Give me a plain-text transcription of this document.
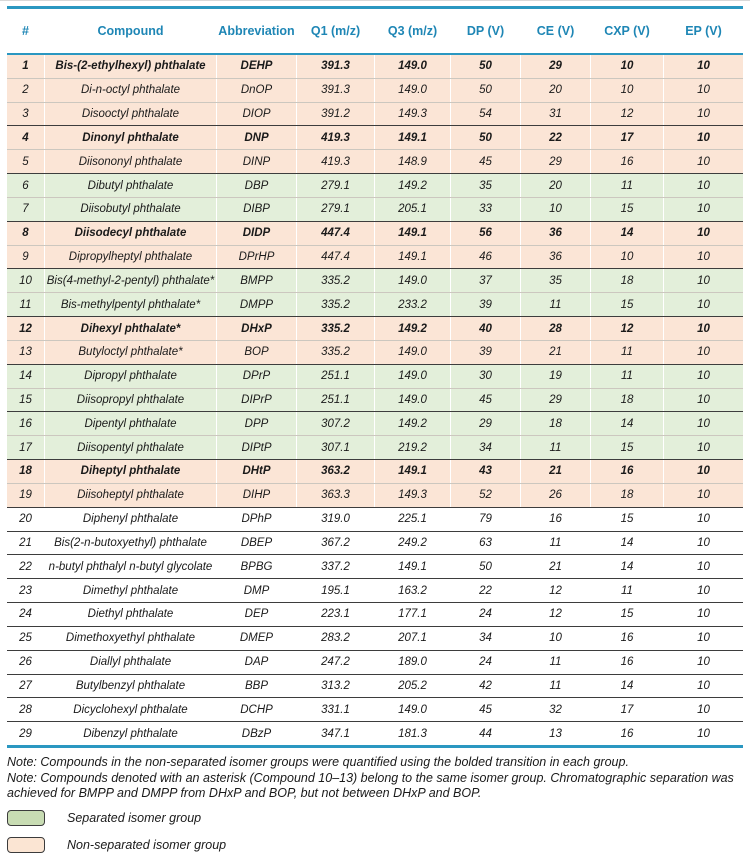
#	Compound	Abbreviation	Q1 (m/z)	Q3 (m/z)	DP (V)	CE (V)	CXP (V)	EP (V)
1	Bis-(2-ethylhexyl) phthalate	DEHP	391.3	149.0	50	29	10	10
2	Di-n-octyl phthalate	DnOP	391.3	149.0	50	20	10	10
3	Disooctyl phthalate	DIOP	391.2	149.3	54	31	12	10
4	Dinonyl phthalate	DNP	419.3	149.1	50	22	17	10
5	Diisononyl phthalate	DINP	419.3	148.9	45	29	16	10
6	Dibutyl phthalate	DBP	279.1	149.2	35	20	11	10
7	Diisobutyl phthalate	DIBP	279.1	205.1	33	10	15	10
8	Diisodecyl phthalate	DIDP	447.4	149.1	56	36	14	10
9	Dipropylheptyl phthalate	DPrHP	447.4	149.1	46	36	10	10
10	Bis(4-methyl-2-pentyl) phthalate*	BMPP	335.2	149.0	37	35	18	10
11	Bis-methylpentyl phthalate*	DMPP	335.2	233.2	39	11	15	10
12	Dihexyl phthalate*	DHxP	335.2	149.2	40	28	12	10
13	Butyloctyl phthalate*	BOP	335.2	149.0	39	21	11	10
14	Dipropyl phthalate	DPrP	251.1	149.0	30	19	11	10
15	Diisopropyl phthalate	DIPrP	251.1	149.0	45	29	18	10
16	Dipentyl phthalate	DPP	307.2	149.2	29	18	14	10
17	Diisopentyl phthalate	DIPtP	307.1	219.2	34	11	15	10
18	Diheptyl phthalate	DHtP	363.2	149.1	43	21	16	10
19	Diisoheptyl phthalate	DIHP	363.3	149.3	52	26	18	10
20	Diphenyl phthalate	DPhP	319.0	225.1	79	16	15	10
21	Bis(2-n-butoxyethyl) phthalate	DBEP	367.2	249.2	63	11	14	10
22	n-butyl phthalyl n-butyl glycolate	BPBG	337.2	149.1	50	21	14	10
23	Dimethyl phthalate	DMP	195.1	163.2	22	12	11	10
24	Diethyl phthalate	DEP	223.1	177.1	24	12	15	10
25	Dimethoxyethyl phthalate	DMEP	283.2	207.1	34	10	16	10
26	Diallyl phthalate	DAP	247.2	189.0	24	11	16	10
27	Butylbenzyl phthalate	BBP	313.2	205.2	42	11	14	10
28	Dicyclohexyl phthalate	DCHP	331.1	149.0	45	32	17	10
29	Dibenzyl phthalate	DBzP	347.1	181.3	44	13	16	10

Note: Compounds in the non-separated isomer groups were quantified using the bolded transition in each group.

Note: Compounds denoted with an asterisk (Compound 10–13) belong to the same isomer group. Chromatographic separation was achieved for BMPP and DMPP from DHxP and BOP, but not between DHxP and BOP.

Separated isomer group
Non-separated isomer group
